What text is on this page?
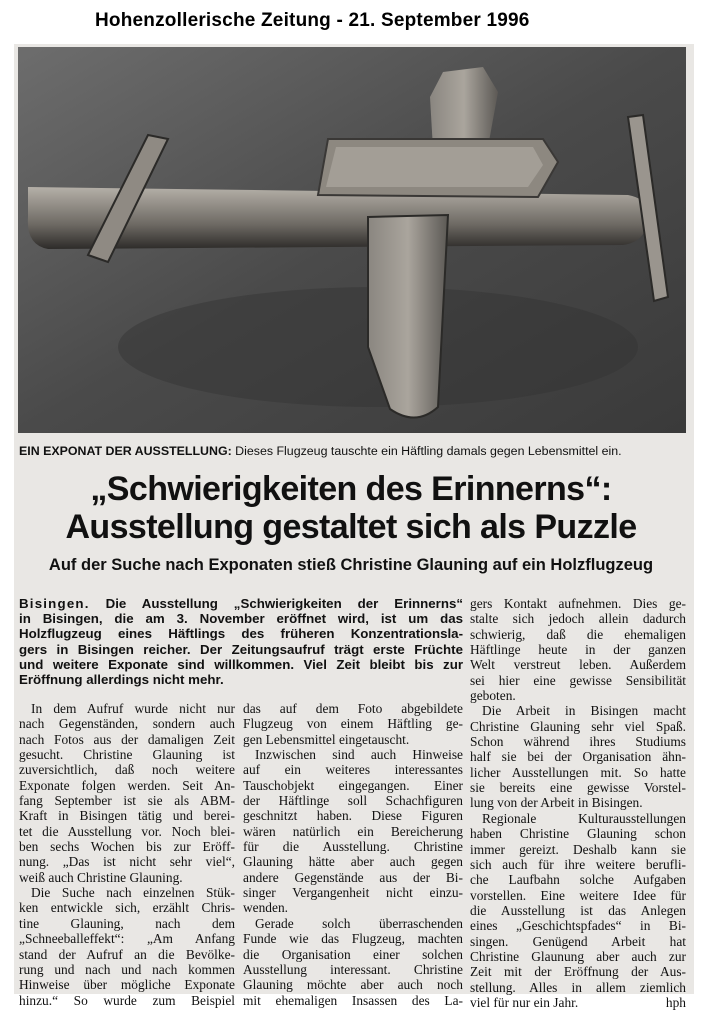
Hohenzollerische Zeitung - 21. September 1996
EIN EXPONAT DER AUSSTELLUNG: Dieses Flugzeug tauschte ein Häftling damals gegen Lebensmittel ein.
„Schwierigkeiten des Erinnerns“:
Ausstellung gestaltet sich als Puzzle
Auf der Suche nach Exponaten stieß Christine Glauning auf ein Holzflugzeug
Bisingen. Die Ausstellung „Schwierigkeiten der Erinnerns“
in Bisingen, die am 3. November eröffnet wird, ist um das
Holzflugzeug eines Häftlings des früheren Konzentrationsla-
gers in Bisingen reicher. Der Zeitungsaufruf trägt erste Früchte
und weitere Exponate sind willkommen. Viel Zeit bleibt bis zur
Eröffnung allerdings nicht mehr.
In dem Aufruf wurde nicht nur
nach Gegenständen, sondern auch
nach Fotos aus der damaligen Zeit
gesucht. Christine Glauning ist
zuversichtlich, daß noch weitere
Exponate folgen werden. Seit An-
fang September ist sie als ABM-
Kraft in Bisingen tätig und berei-
tet die Ausstellung vor. Noch blei-
ben sechs Wochen bis zur Eröff-
nung. „Das ist nicht sehr viel“,
weiß auch Christine Glauning.
Die Suche nach einzelnen Stük-
ken entwickle sich, erzählt Chris-
tine Glauning, nach dem
„Schneeballeffekt“: „Am Anfang
stand der Aufruf an die Bevölke-
rung und nach und nach kommen
Hinweise über mögliche Exponate
hinzu.“ So wurde zum Beispiel
das auf dem Foto abgebildete
Flugzeug von einem Häftling ge-
gen Lebensmittel eingetauscht.
Inzwischen sind auch Hinweise
auf ein weiteres interessantes
Tauschobjekt eingegangen. Einer
der Häftlinge soll Schachfiguren
geschnitzt haben. Diese Figuren
wären natürlich ein Bereicherung
für die Ausstellung. Christine
Glauning hätte aber auch gegen
andere Gegenstände aus der Bi-
singer Vergangenheit nicht einzu-
wenden.
Gerade solch überraschenden
Funde wie das Flugzeug, machten
die Organisation einer solchen
Ausstellung interessant. Christine
Glauning möchte aber auch noch
mit ehemaligen Insassen des La-
gers Kontakt aufnehmen. Dies ge-
stalte sich jedoch allein dadurch
schwierig, daß die ehemaligen
Häftlinge heute in der ganzen
Welt verstreut leben. Außerdem
sei hier eine gewisse Sensibilität
geboten.
Die Arbeit in Bisingen macht
Christine Glauning sehr viel Spaß.
Schon während ihres Studiums
half sie bei der Organisation ähn-
licher Ausstellungen mit. So hatte
sie bereits eine gewisse Vorstel-
lung von der Arbeit in Bisingen.
Regionale Kulturausstellungen
haben Christine Glauning schon
immer gereizt. Deshalb kann sie
sich auch für ihre weitere berufli-
che Laufbahn solche Aufgaben
vorstellen. Eine weitere Idee für
die Ausstellung ist das Anlegen
eines „Geschichtspfades“ in Bi-
singen. Genügend Arbeit hat
Christine Glaunung aber auch zur
Zeit mit der Eröffnung der Aus-
stellung. Alles in allem ziemlich
viel für nur ein Jahr.	hph
